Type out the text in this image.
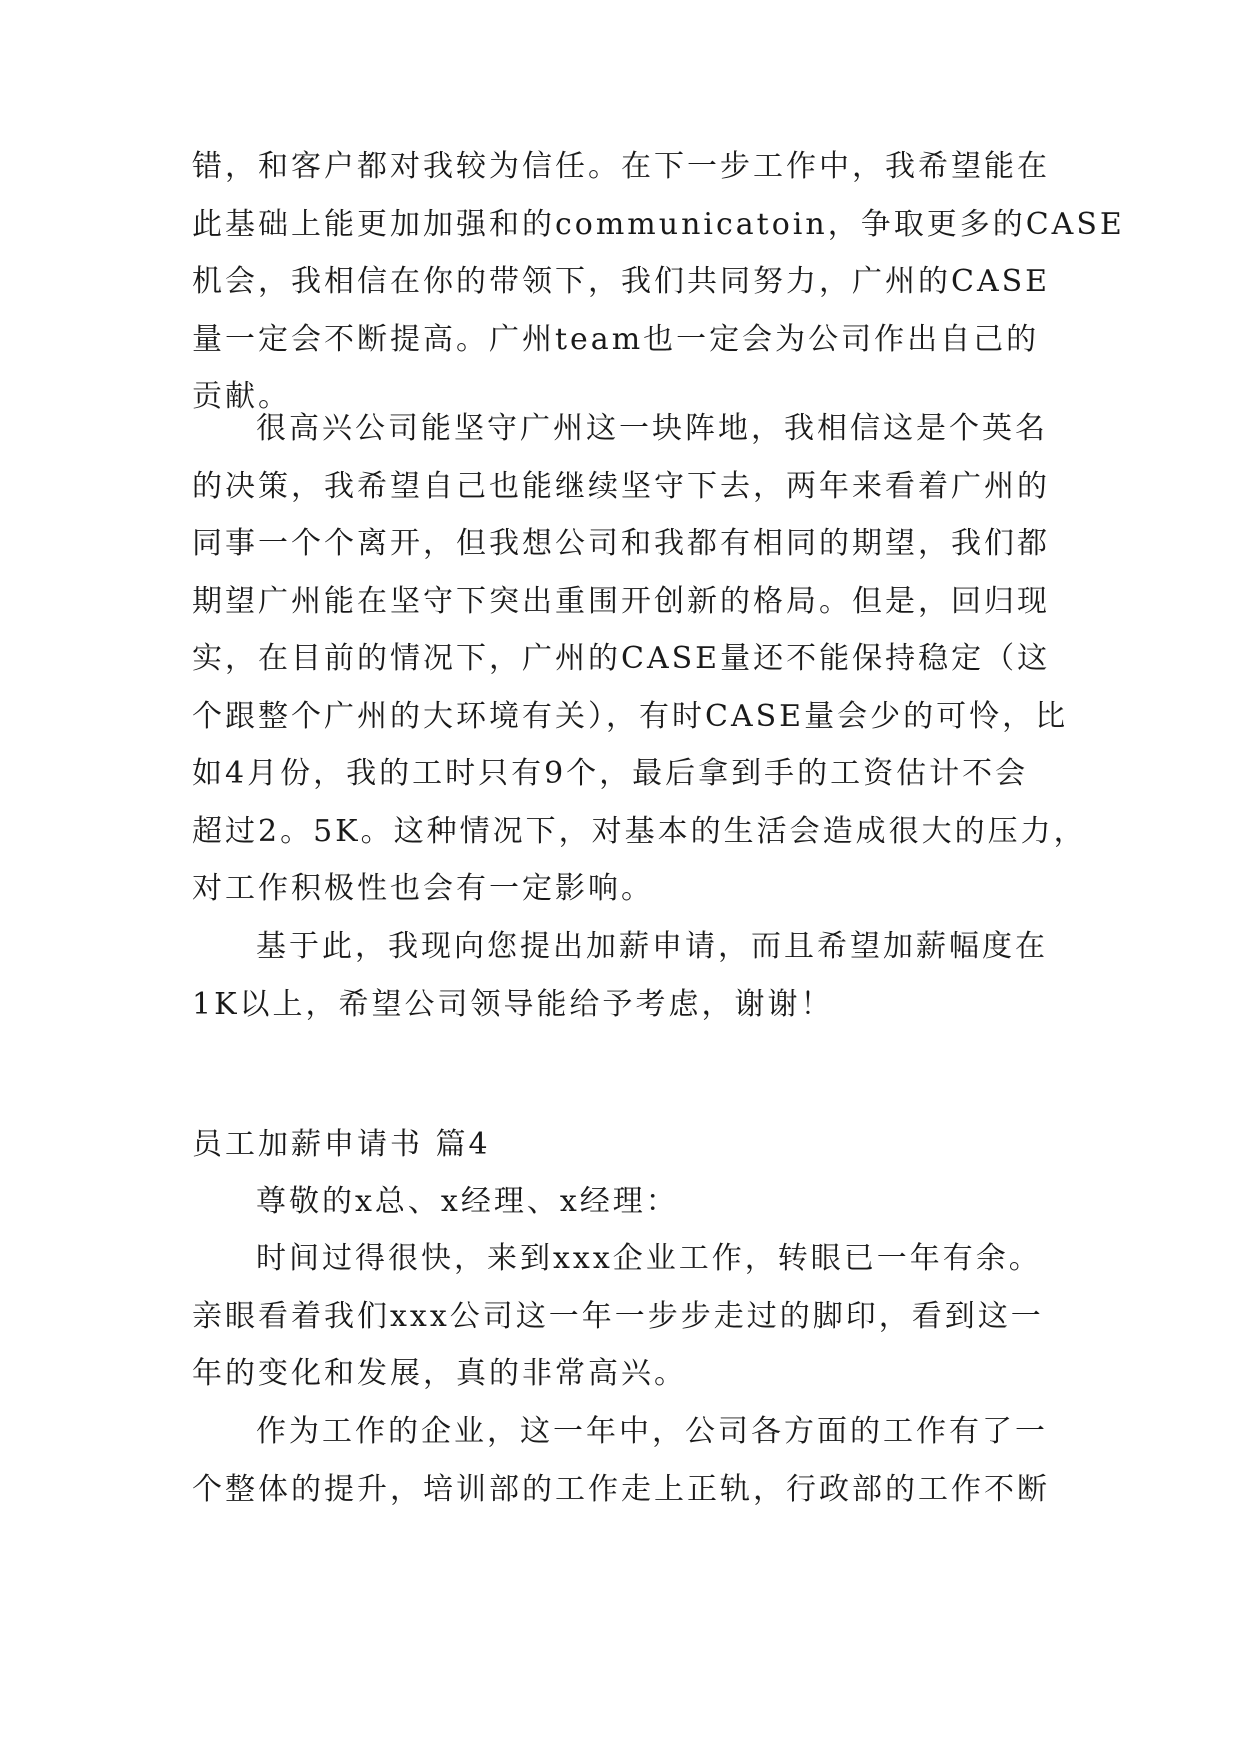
错，和客户都对我较为信任。在下一步工作中，我希望能在
此基础上能更加加强和的communicatoin，争取更多的CASE
机会，我相信在你的带领下，我们共同努力，广州的CASE
量一定会不断提高。广州team也一定会为公司作出自己的
贡献。
很高兴公司能坚守广州这一块阵地，我相信这是个英名
的决策，我希望自己也能继续坚守下去，两年来看着广州的
同事一个个离开，但我想公司和我都有相同的期望，我们都
期望广州能在坚守下突出重围开创新的格局。但是，回归现
实，在目前的情况下，广州的CASE量还不能保持稳定（这
个跟整个广州的大环境有关），有时CASE量会少的可怜，比
如4月份，我的工时只有9个，最后拿到手的工资估计不会
超过2。5K。这种情况下，对基本的生活会造成很大的压力，
对工作积极性也会有一定影响。
基于此，我现向您提出加薪申请，而且希望加薪幅度在
1K以上，希望公司领导能给予考虑，谢谢！
员工加薪申请书 篇4
尊敬的x总、x经理、x经理：
时间过得很快，来到xxx企业工作，转眼已一年有余。
亲眼看着我们xxx公司这一年一步步走过的脚印，看到这一
年的变化和发展，真的非常高兴。
作为工作的企业，这一年中，公司各方面的工作有了一
个整体的提升，培训部的工作走上正轨，行政部的工作不断
